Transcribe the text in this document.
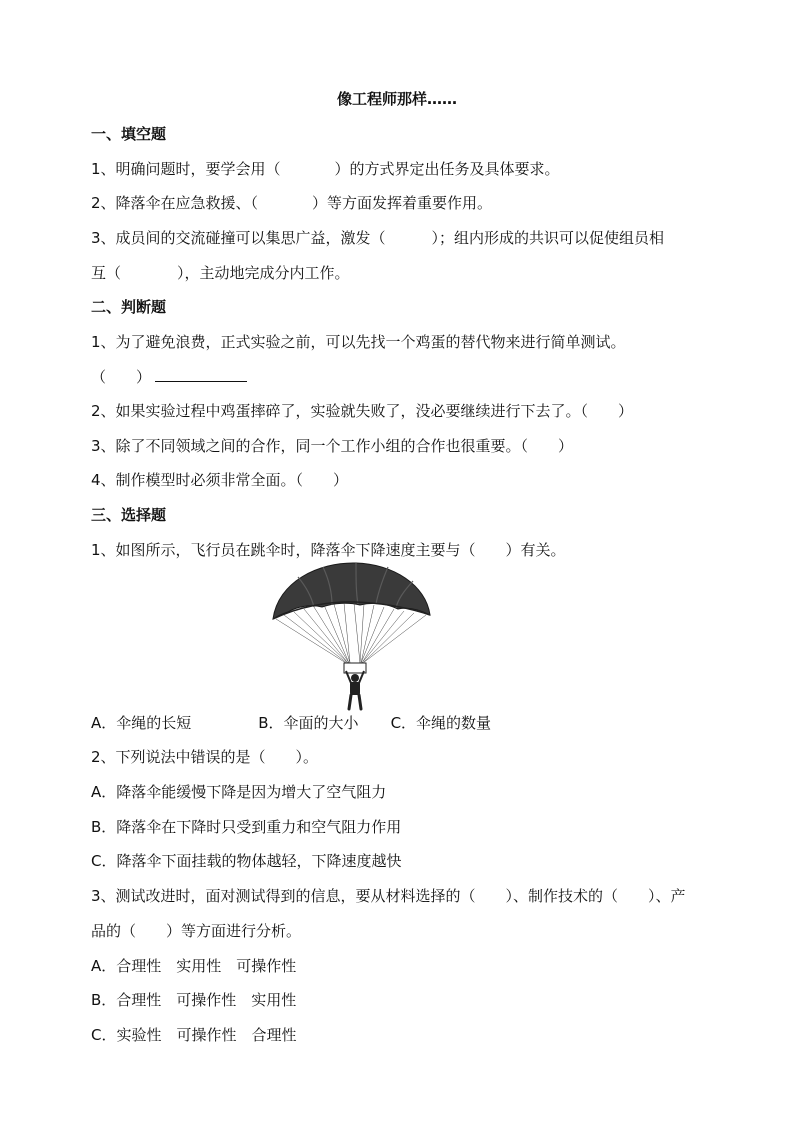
像工程师那样……
一、填空题
1、明确问题时，要学会用（	）的方式界定出任务及具体要求。
2、降落伞在应急救援、（	）等方面发挥着重要作用。
3、成员间的交流碰撞可以集思广益，激发（	）；组内形成的共识可以促使组员相
互（	），主动地完成分内工作。
二、判断题
1、为了避免浪费，正式实验之前，可以先找一个鸡蛋的替代物来进行简单测试。
（　　）
2、如果实验过程中鸡蛋摔碎了，实验就失败了，没必要继续进行下去了。（　　）
3、除了不同领域之间的合作，同一个工作小组的合作也很重要。（　　）
4、制作模型时必须非常全面。（　　）
三、选择题
1、如图所示，飞行员在跳伞时，降落伞下降速度主要与（　　）有关。
A．伞绳的长短	B．伞面的大小 C．伞绳的数量
2、下列说法中错误的是（　　）。
A．降落伞能缓慢下降是因为增大了空气阻力
B．降落伞在下降时只受到重力和空气阻力作用
C．降落伞下面挂载的物体越轻，下降速度越快
3、测试改进时，面对测试得到的信息，要从材料选择的（　　）、制作技术的（　　）、产
品的（　　）等方面进行分析。
A．合理性　实用性　可操作性
B．合理性　可操作性　实用性
C．实验性　可操作性　合理性
